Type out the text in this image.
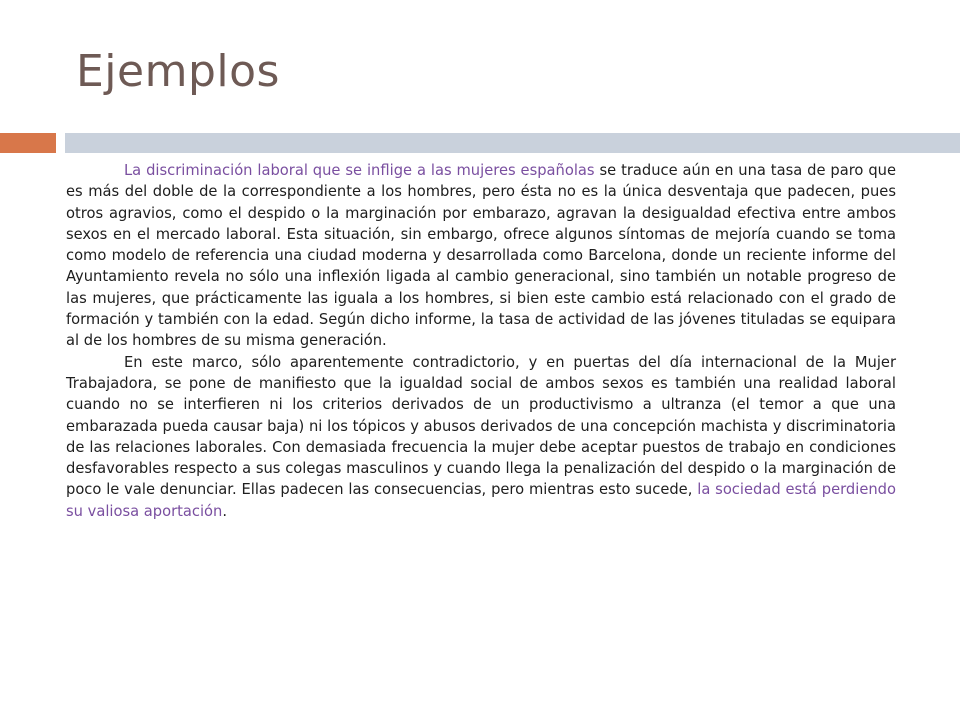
Ejemplos

La discriminación laboral que se inflige a las mujeres españolas se traduce aún en una tasa de paro que es más del doble de la correspondiente a los hombres, pero ésta no es la única desventaja que padecen, pues otros agravios, como el despido o la marginación por embarazo, agravan la desigualdad efectiva entre ambos sexos en el mercado laboral. Esta situación, sin embargo, ofrece algunos síntomas de mejoría cuando se toma como modelo de referencia una ciudad moderna y desarrollada como Barcelona, donde un reciente informe del Ayuntamiento revela no sólo una inflexión ligada al cambio generacional, sino también un notable progreso de las mujeres, que prácticamente las iguala a los hombres, si bien este cambio está relacionado con el grado de formación y también con la edad. Según dicho informe, la tasa de actividad de las jóvenes tituladas se equipara al de los hombres de su misma generación.

En este marco, sólo aparentemente contradictorio, y en puertas del día internacional de la Mujer Trabajadora, se pone de manifiesto que la igualdad social de ambos sexos es también una realidad laboral cuando no se interfieren ni los criterios derivados de un productivismo a ultranza (el temor a que una embarazada pueda causar baja) ni los tópicos y abusos derivados de una concepción machista y discriminatoria de las relaciones laborales. Con demasiada frecuencia la mujer debe aceptar puestos de trabajo en condiciones desfavorables respecto a sus colegas masculinos y cuando llega la penalización del despido o la marginación de poco le vale denunciar. Ellas padecen las consecuencias, pero mientras esto sucede, la sociedad está perdiendo su valiosa aportación.
